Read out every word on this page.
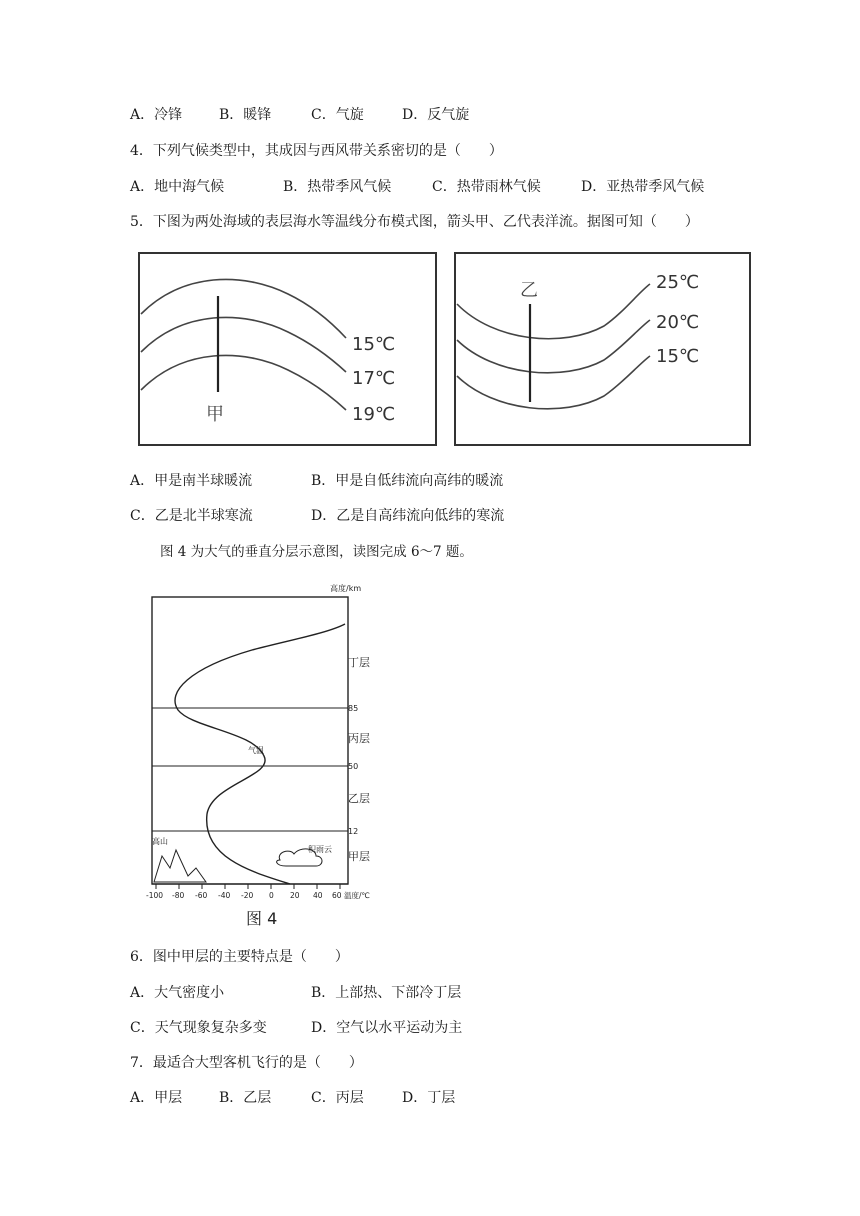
A．冷锋	B．暖锋	C．气旋	D．反气旋
4．下列气候类型中，其成因与西风带关系密切的是（　　）
A．地中海气候	B．热带季风气候	C．热带雨林气候	D．亚热带季风气候
5．下图为两处海域的表层海水等温线分布模式图，箭头甲、乙代表洋流。据图可知（　　）
甲
15℃
17℃
19℃
乙	25℃
20℃
15℃
A．甲是南半球暖流	B．甲是自低纬流向高纬的暖流
C．乙是北半球寒流	D．乙是自高纬流向低纬的寒流
图 4 为大气的垂直分层示意图，读图完成 6～7 题。
高度/km
85
50
12
丁层
丙层
乙层
甲层
气温
高山
积雨云
-100 -80 -60 -40 -20 0 20 40 60 温度/℃
图 4
6．图中甲层的主要特点是（　　）
A．大气密度小	B．上部热、下部冷丁层
C．天气现象复杂多变	D．空气以水平运动为主
7．最适合大型客机飞行的是（　　）
A．甲层	B．乙层	C．丙层	D．丁层
